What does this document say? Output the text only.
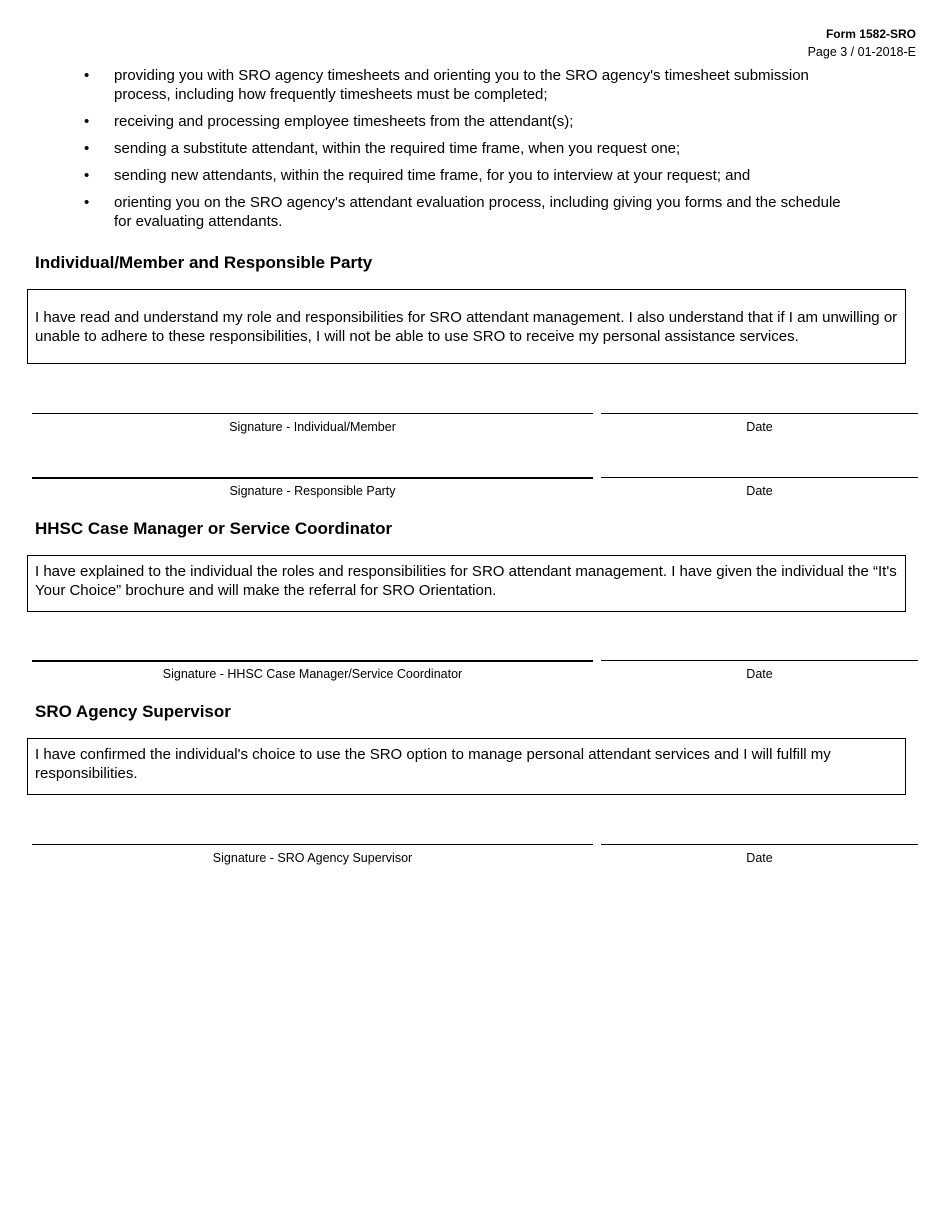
Form 1582-SRO
Page 3 / 01-2018-E
• providing you with SRO agency timesheets and orienting you to the SRO agency's timesheet submission process, including how frequently timesheets must be completed;
• receiving and processing employee timesheets from the attendant(s);
• sending a substitute attendant, within the required time frame, when you request one;
• sending new attendants, within the required time frame, for you to interview at your request; and
• orienting you on the SRO agency's attendant evaluation process, including giving you forms and the schedule for evaluating attendants.
Individual/Member and Responsible Party
I have read and understand my role and responsibilities for SRO attendant management. I also understand that if I am unwilling or unable to adhere to these responsibilities, I will not be able to use SRO to receive my personal assistance services.
Signature - Individual/Member	Date
Signature - Responsible Party	Date
HHSC Case Manager or Service Coordinator
I have explained to the individual the roles and responsibilities for SRO attendant management. I have given the individual the “It's Your Choice” brochure and will make the referral for SRO Orientation.
Signature - HHSC Case Manager/Service Coordinator	Date
SRO Agency Supervisor
I have confirmed the individual's choice to use the SRO option to manage personal attendant services and I will fulfill my responsibilities.
Signature - SRO Agency Supervisor	Date
